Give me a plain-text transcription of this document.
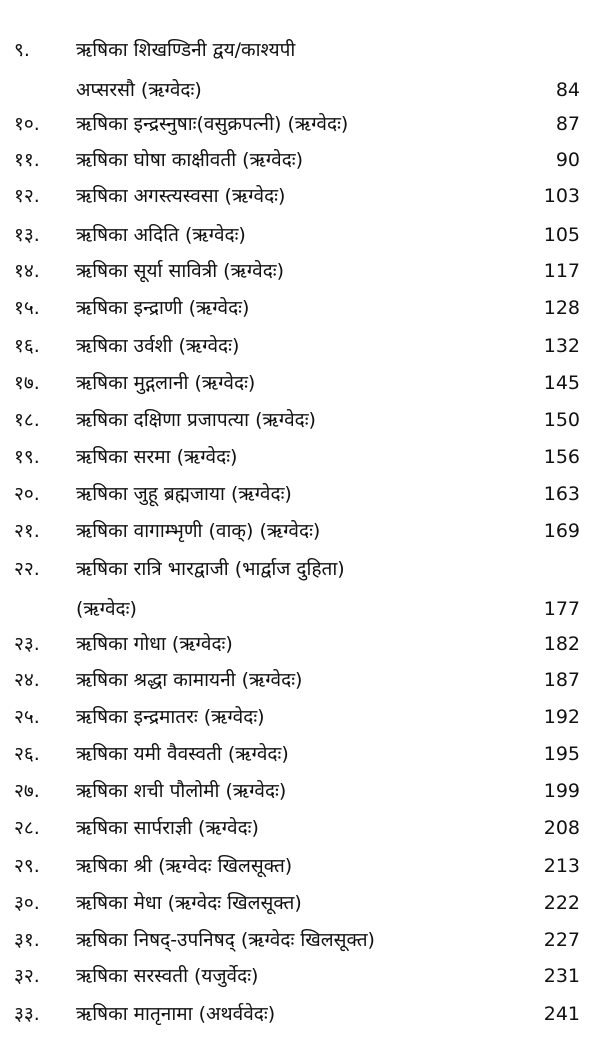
९. ऋषिका शिखण्डिनी द्वय/काश्यपी
अप्सरसौ (ऋग्वेदः)	84
१०. ऋषिका इन्द्रस्नुषाः(वसुक्रपत्नी) (ऋग्वेदः)	87
११. ऋषिका घोषा काक्षीवती (ऋग्वेदः)	90
१२. ऋषिका अगस्त्यस्वसा (ऋग्वेदः)	103
१३. ऋषिका अदिति (ऋग्वेदः)	105
१४. ऋषिका सूर्या सावित्री (ऋग्वेदः)	117
१५. ऋषिका इन्द्राणी (ऋग्वेदः)	128
१६. ऋषिका उर्वशी (ऋग्वेदः)	132
१७. ऋषिका मुद्गलानी (ऋग्वेदः)	145
१८. ऋषिका दक्षिणा प्रजापत्या (ऋग्वेदः)	150
१९. ऋषिका सरमा (ऋग्वेदः)	156
२०. ऋषिका जुहू ब्रह्मजाया (ऋग्वेदः)	163
२१. ऋषिका वागाम्भृणी (वाक्) (ऋग्वेदः)	169
२२. ऋषिका रात्रि भारद्वाजी (भार्द्वाज दुहिता)
(ऋग्वेदः)	177
२३. ऋषिका गोधा (ऋग्वेदः)	182
२४. ऋषिका श्रद्धा कामायनी (ऋग्वेदः)	187
२५. ऋषिका इन्द्रमातरः (ऋग्वेदः)	192
२६. ऋषिका यमी वैवस्वती (ऋग्वेदः)	195
२७. ऋषिका शची पौलोमी (ऋग्वेदः)	199
२८. ऋषिका सार्पराज्ञी (ऋग्वेदः)	208
२९. ऋषिका श्री (ऋग्वेदः खिलसूक्त)	213
३०. ऋषिका मेधा (ऋग्वेदः खिलसूक्त)	222
३१. ऋषिका निषद्-उपनिषद् (ऋग्वेदः खिलसूक्त)	227
३२. ऋषिका सरस्वती (यजुर्वेदः)	231
३३. ऋषिका मातृनामा (अथर्ववेदः)	241
